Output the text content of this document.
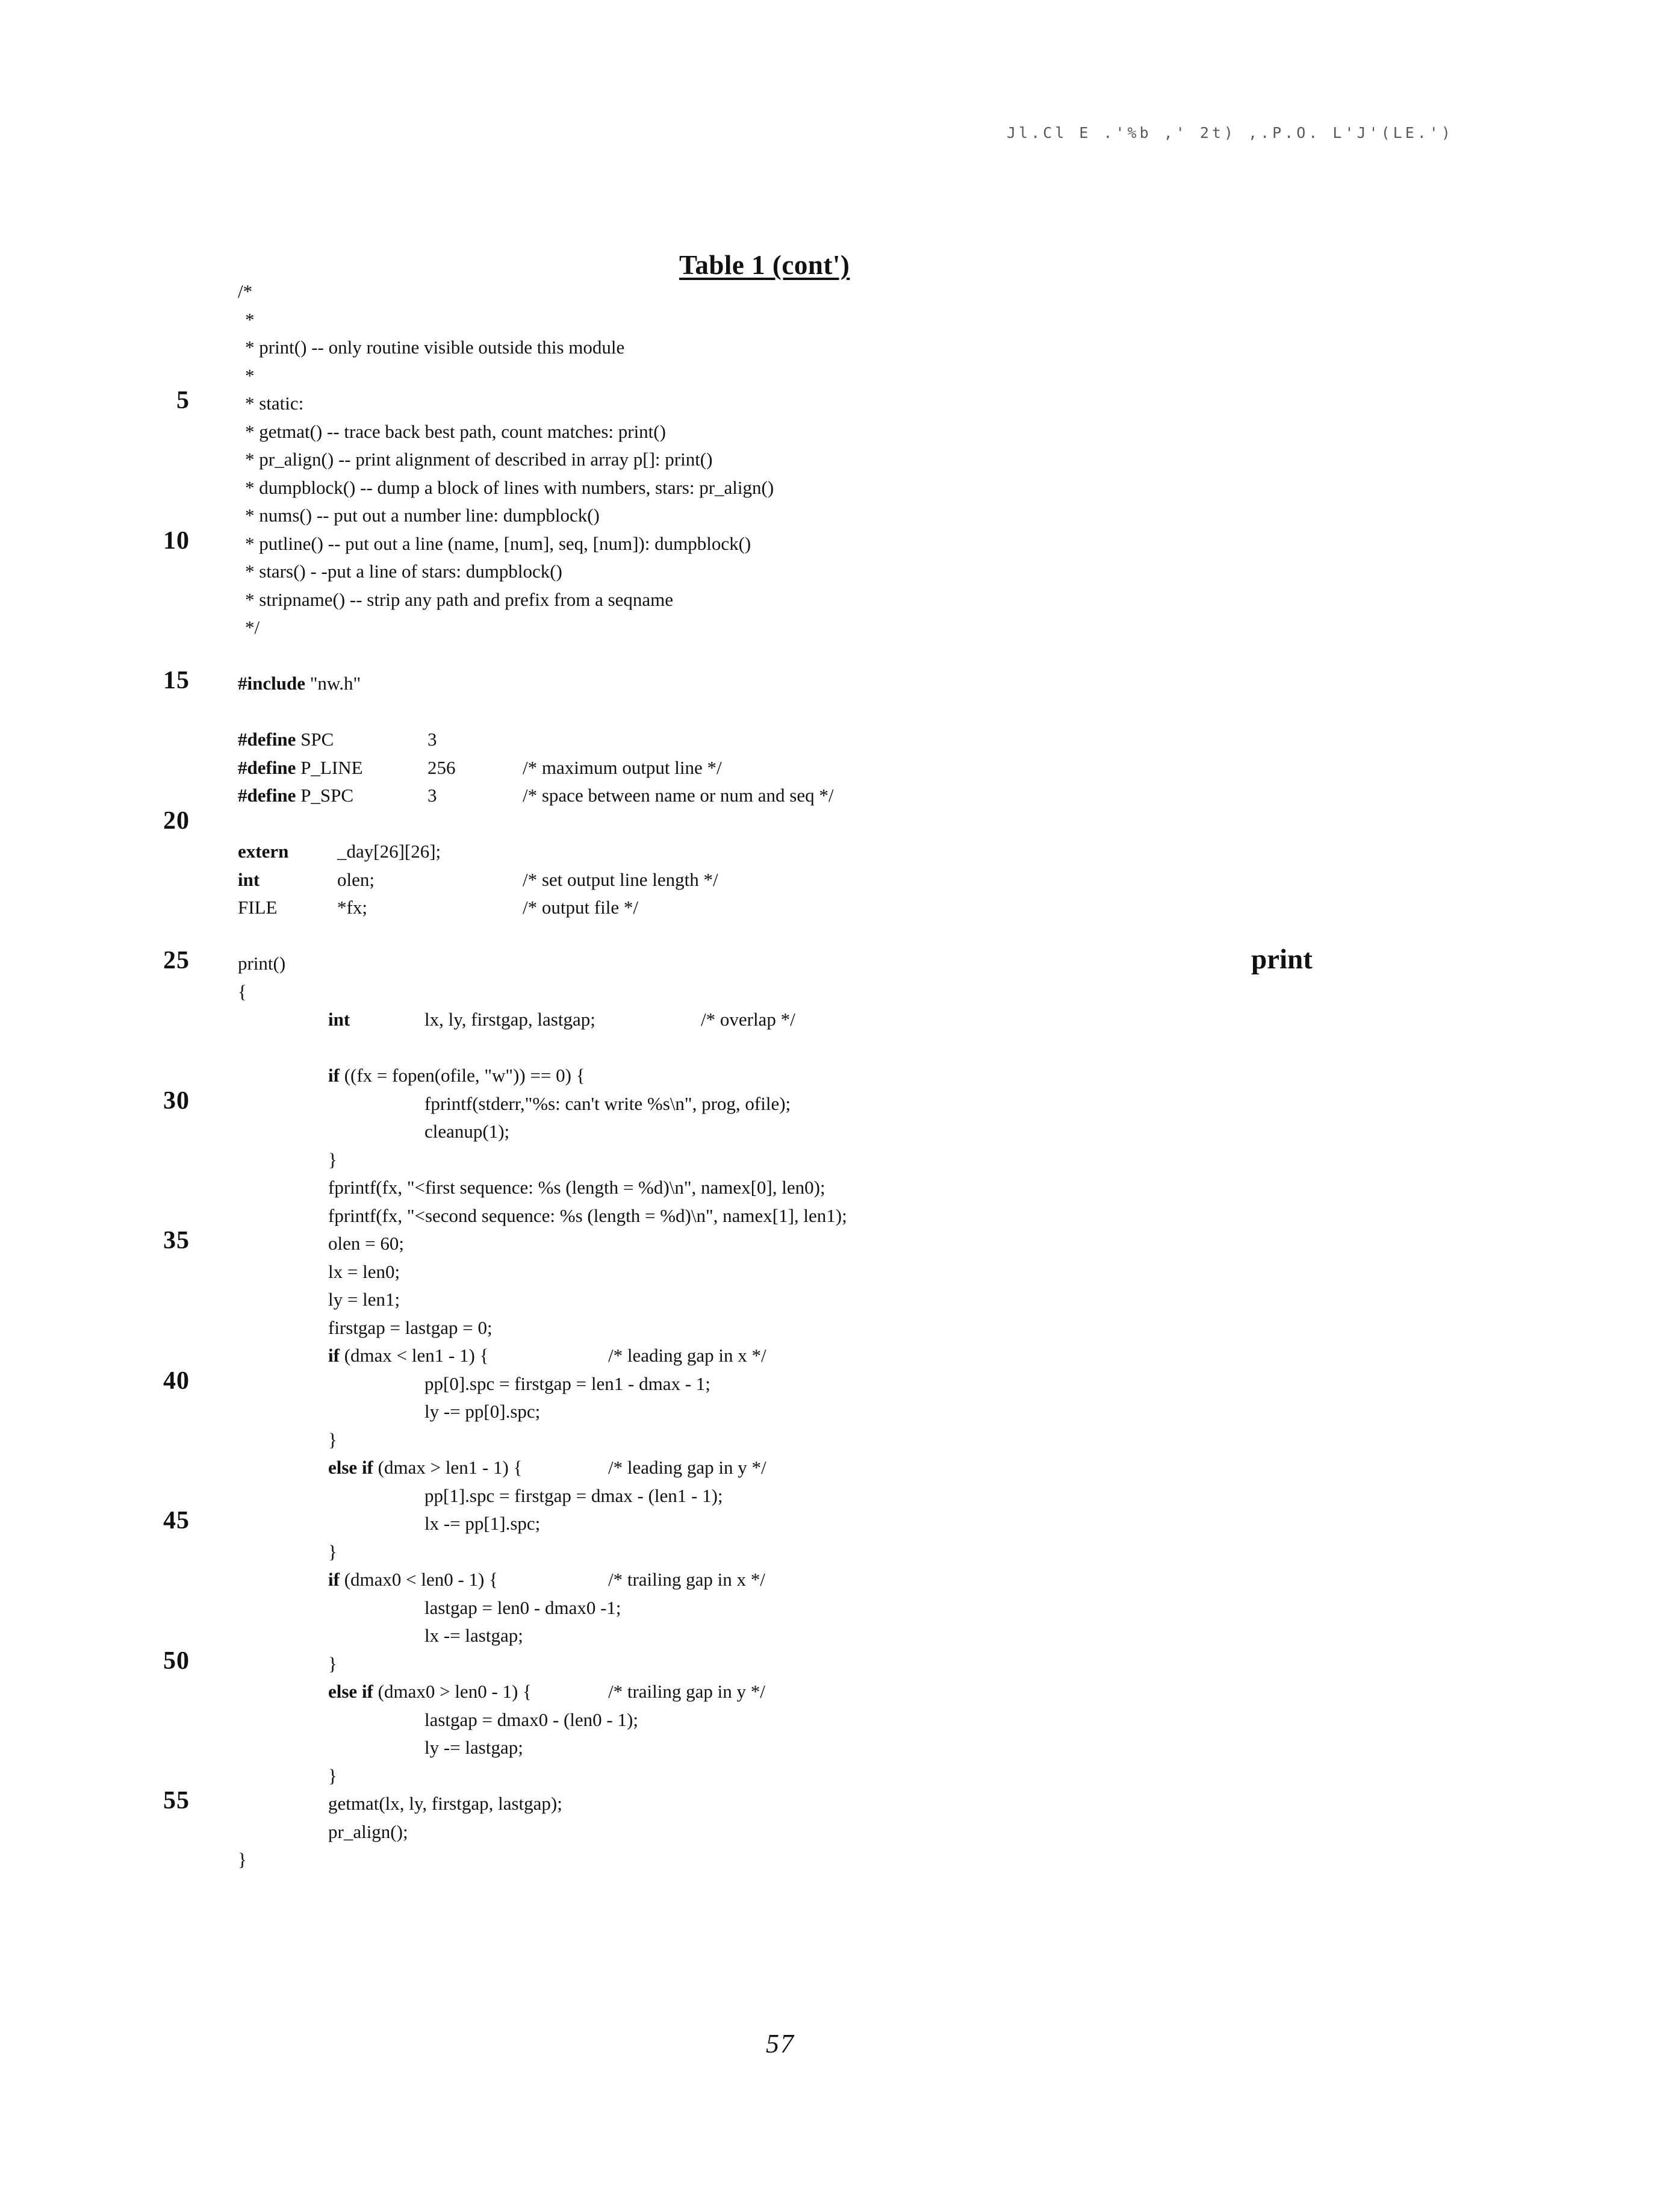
Jl.Cl E .'%b ,' 2t) ,.P.O. L'J'(LE.')
Table 1 (cont')
/*
*
* print() -- only routine visible outside this module
*
5	* static:
* getmat() -- trace back best path, count matches: print()
* pr_align() -- print alignment of described in array p[]: print()
* dumpblock() -- dump a block of lines with numbers, stars: pr_align()
* nums() -- put out a number line: dumpblock()
10	* putline() -- put out a line (name, [num], seq, [num]): dumpblock()
* stars() - -put a line of stars: dumpblock()
* stripname() -- strip any path and prefix from a seqname
*/
15	#include "nw.h"
#define SPC	3
#define P_LINE	256	/* maximum output line */
#define P_SPC	3	/* space between name or num and seq */
20
extern	_day[26][26];
int	olen;	/* set output line length */
FILE	*fx;	/* output file */
25	print()
{
int	lx, ly, firstgap, lastgap;	/* overlap */
if ((fx = fopen(ofile, "w")) == 0) {
30	fprintf(stderr,"%s: can't write %s\n", prog, ofile);
cleanup(1);
}
fprintf(fx, "<first sequence: %s (length = %d)\n", namex[0], len0);
fprintf(fx, "<second sequence: %s (length = %d)\n", namex[1], len1);
35	olen = 60;
lx = len0;
ly = len1;
firstgap = lastgap = 0;
if (dmax < len1 - 1) {	/* leading gap in x */
40	pp[0].spc = firstgap = len1 - dmax - 1;
ly -= pp[0].spc;
}
else if (dmax > len1 - 1) {	/* leading gap in y */
pp[1].spc = firstgap = dmax - (len1 - 1);
45	lx -= pp[1].spc;
}
if (dmax0 < len0 - 1) {	/* trailing gap in x */
lastgap = len0 - dmax0 -1;
lx -= lastgap;
50	}
else if (dmax0 > len0 - 1) {	/* trailing gap in y */
lastgap = dmax0 - (len0 - 1);
ly -= lastgap;
}
55	getmat(lx, ly, firstgap, lastgap);
pr_align();
}
print
57
